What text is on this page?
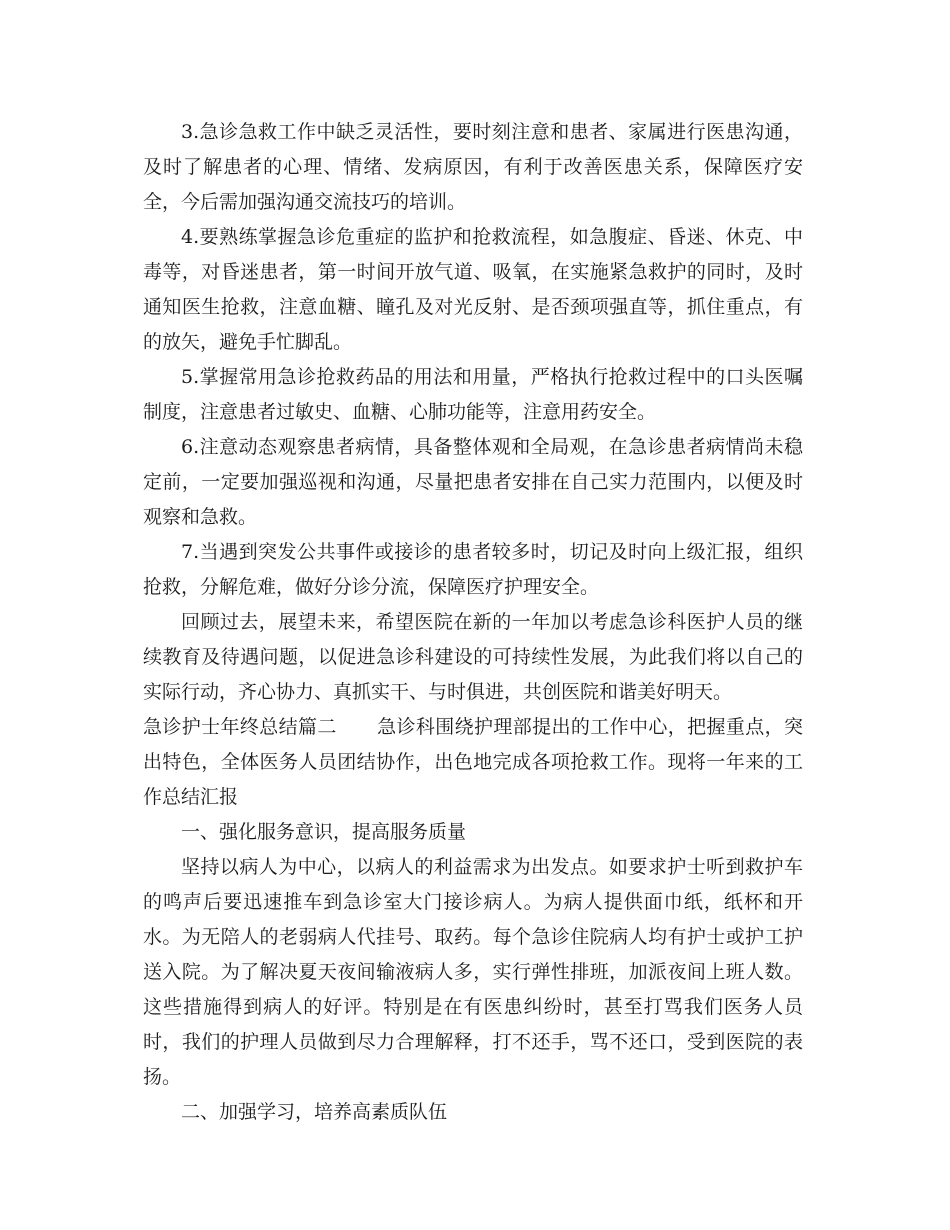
3.急诊急救工作中缺乏灵活性，要时刻注意和患者、家属进行医患沟通，及时了解患者的心理、情绪、发病原因，有利于改善医患关系，保障医疗安全，今后需加强沟通交流技巧的培训。

4.要熟练掌握急诊危重症的监护和抢救流程，如急腹症、昏迷、休克、中毒等，对昏迷患者，第一时间开放气道、吸氧，在实施紧急救护的同时，及时通知医生抢救，注意血糖、瞳孔及对光反射、是否颈项强直等，抓住重点，有的放矢，避免手忙脚乱。

5.掌握常用急诊抢救药品的用法和用量，严格执行抢救过程中的口头医嘱制度，注意患者过敏史、血糖、心肺功能等，注意用药安全。

6.注意动态观察患者病情，具备整体观和全局观，在急诊患者病情尚未稳定前，一定要加强巡视和沟通，尽量把患者安排在自己实力范围内，以便及时观察和急救。

7.当遇到突发公共事件或接诊的患者较多时，切记及时向上级汇报，组织抢救，分解危难，做好分诊分流，保障医疗护理安全。

回顾过去，展望未来，希望医院在新的一年加以考虑急诊科医护人员的继续教育及待遇问题，以促进急诊科建设的可持续性发展，为此我们将以自己的实际行动，齐心协力、真抓实干、与时俱进，共创医院和谐美好明天。

急诊护士年终总结篇二 急诊科围绕护理部提出的工作中心，把握重点，突出特色，全体医务人员团结协作，出色地完成各项抢救工作。现将一年来的工作总结汇报

一、强化服务意识，提高服务质量

坚持以病人为中心，以病人的利益需求为出发点。如要求护士听到救护车的鸣声后要迅速推车到急诊室大门接诊病人。为病人提供面巾纸，纸杯和开水。为无陪人的老弱病人代挂号、取药。每个急诊住院病人均有护士或护工护送入院。为了解决夏天夜间输液病人多，实行弹性排班，加派夜间上班人数。这些措施得到病人的好评。特别是在有医患纠纷时，甚至打骂我们医务人员时，我们的护理人员做到尽力合理解释，打不还手，骂不还口，受到医院的表扬。

二、加强学习，培养高素质队伍
